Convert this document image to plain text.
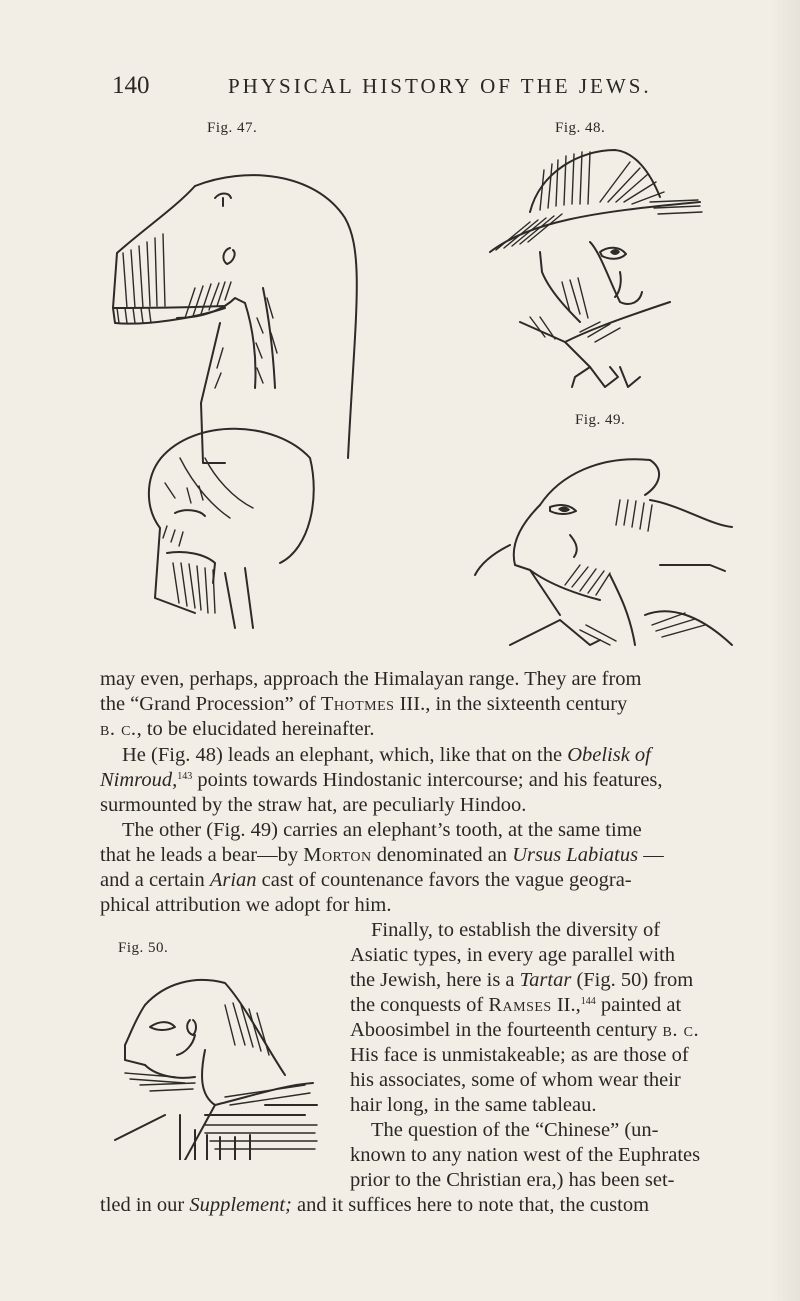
140	PHYSICAL HISTORY OF THE JEWS.
Fig. 47.	Fig. 48.
Fig. 49.
may even, perhaps, approach the Himalayan range. They are from
the “Grand Procession” of Thotmes III., in the sixteenth century
b. c., to be elucidated hereinafter.
He (Fig. 48) leads an elephant, which, like that on the Obelisk of
Nimroud,$^{143}$ points towards Hindostanic intercourse; and his features,
surmounted by the straw hat, are peculiarly Hindoo.
The other (Fig. 49) carries an elephant’s tooth, at the same time
that he leads a bear—by Morton denominated an Ursus Labiatus —
and a certain Arian cast of countenance favors the vague geogra-
phical attribution we adopt for him.
Fig. 50.
Finally, to establish the diversity of
Asiatic types, in every age parallel with
the Jewish, here is a Tartar (Fig. 50) from
the conquests of Ramses II.,$^{144}$ painted at
Aboosimbel in the fourteenth century b. c.
His face is unmistakeable; as are those of
his associates, some of whom wear their
hair long, in the same tableau.
The question of the “Chinese” (un-
known to any nation west of the Euphrates
prior to the Christian era,) has been set-
tled in our Supplement; and it suffices here to note that, the custom
